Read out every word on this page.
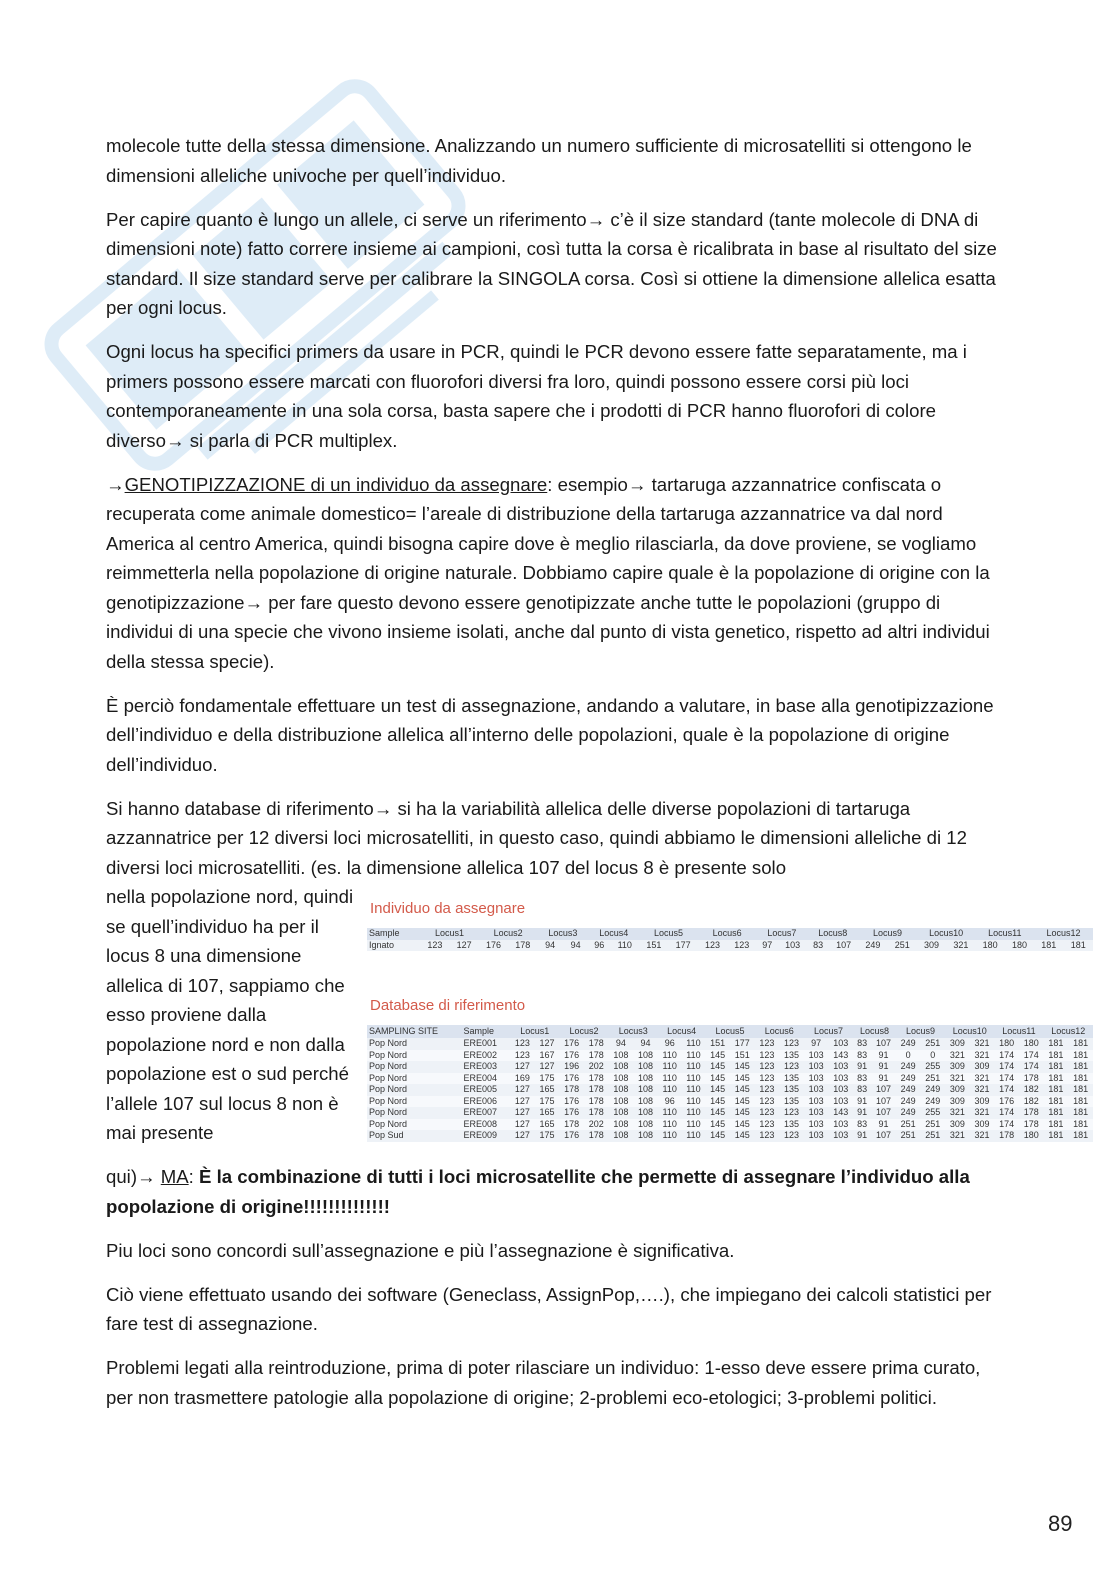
molecole tutte della stessa dimensione. Analizzando un numero sufficiente di microsatelliti si ottengono le dimensioni alleliche univoche per quell’individuo.

Per capire quanto è lungo un allele, ci serve un riferimento→ c’è il size standard (tante molecole di DNA di dimensioni note) fatto correre insieme ai campioni, così tutta la corsa è ricalibrata in base al risultato del size standard. Il size standard serve per calibrare la SINGOLA corsa. Così si ottiene la dimensione allelica esatta per ogni locus.

Ogni locus ha specifici primers da usare in PCR, quindi le PCR devono essere fatte separatamente, ma i primers possono essere marcati con fluorofori diversi fra loro, quindi possono essere corsi più loci contemporaneamente in una sola corsa, basta sapere che i prodotti di PCR hanno fluorofori di colore diverso→ si parla di PCR multiplex.

→GENOTIPIZZAZIONE di un individuo da assegnare: esempio→ tartaruga azzannatrice confiscata o recuperata come animale domestico= l’areale di distribuzione della tartaruga azzannatrice va dal nord America al centro America, quindi bisogna capire dove è meglio rilasciarla, da dove proviene, se vogliamo reimmetterla nella popolazione di origine naturale. Dobbiamo capire quale è la popolazione di origine con la genotipizzazione→ per fare questo devono essere genotipizzate anche tutte le popolazioni (gruppo di individui di una specie che vivono insieme isolati, anche dal punto di vista genetico, rispetto ad altri individui della stessa specie).

È perciò fondamentale effettuare un test di assegnazione, andando a valutare, in base alla genotipizzazione dell’individuo e della distribuzione allelica all’interno delle popolazioni, quale è la popolazione di origine dell’individuo.

Si hanno database di riferimento→ si ha la variabilità allelica delle diverse popolazioni di tartaruga azzannatrice per 12 diversi loci microsatelliti, in questo caso, quindi abbiamo le dimensioni alleliche di 12 diversi loci microsatelliti. (es. la dimensione allelica 107 del locus 8 è presente solo

nella popolazione nord, quindi se quell’individuo ha per il locus 8 una dimensione allelica di 107, sappiamo che esso proviene dalla popolazione nord e non dalla popolazione est o sud perché l’allele 107 sul locus 8 non è mai presente

qui)→ MA: È la combinazione di tutti i loci microsatellite che permette di assegnare l’individuo alla popolazione di origine!!!!!!!!!!!!!!

Piu loci sono concordi sull’assegnazione e più l’assegnazione è significativa.

Ciò viene effettuato usando dei software (Geneclass, AssignPop,….), che impiegano dei calcoli statistici per fare test di assegnazione.

Problemi legati alla reintroduzione, prima di poter rilasciare un individuo: 1-esso deve essere prima curato, per non trasmettere patologie alla popolazione di origine; 2-problemi eco-etologici; 3-problemi politici.

Individuo da assegnare
Sample	Locus1		Locus2		Locus3		Locus4		Locus5		Locus6		Locus7		Locus8		Locus9		Locus10		Locus11		Locus12	
Ignato	123	127	176	178	94	94	96	110	151	177	123	123	97	103	83	107	249	251	309	321	180	180	181	181
Database di riferimento
SAMPLING SITE	Sample	Locus1		Locus2		Locus3		Locus4		Locus5		Locus6		Locus7		Locus8		Locus9		Locus10		Locus11		Locus12	
Pop Nord	ERE001	123	127	176	178	94	94	96	110	151	177	123	123	97	103	83	107	249	251	309	321	180	180	181	181
Pop Nord	ERE002	123	167	176	178	108	108	110	110	145	151	123	135	103	143	83	91	0	0	321	321	174	174	181	181
Pop Nord	ERE003	127	127	196	202	108	108	110	110	145	145	123	123	103	103	91	91	249	255	309	309	174	174	181	181
Pop Nord	ERE004	169	175	176	178	108	108	110	110	145	145	123	135	103	103	83	91	249	251	321	321	174	178	181	181
Pop Nord	ERE005	127	165	178	178	108	108	110	110	145	145	123	135	103	103	83	107	249	249	309	321	174	182	181	181
Pop Nord	ERE006	127	175	176	178	108	108	96	110	145	145	123	135	103	103	91	107	249	249	309	309	176	182	181	181
Pop Nord	ERE007	127	165	176	178	108	108	110	110	145	145	123	123	103	143	91	107	249	255	321	321	174	178	181	181
Pop Nord	ERE008	127	165	178	202	108	108	110	110	145	145	123	135	103	103	83	91	251	251	309	309	174	178	181	181
Pop Sud	ERE009	127	175	176	178	108	108	110	110	145	145	123	123	103	103	91	107	251	251	321	321	178	180	181	181
89
